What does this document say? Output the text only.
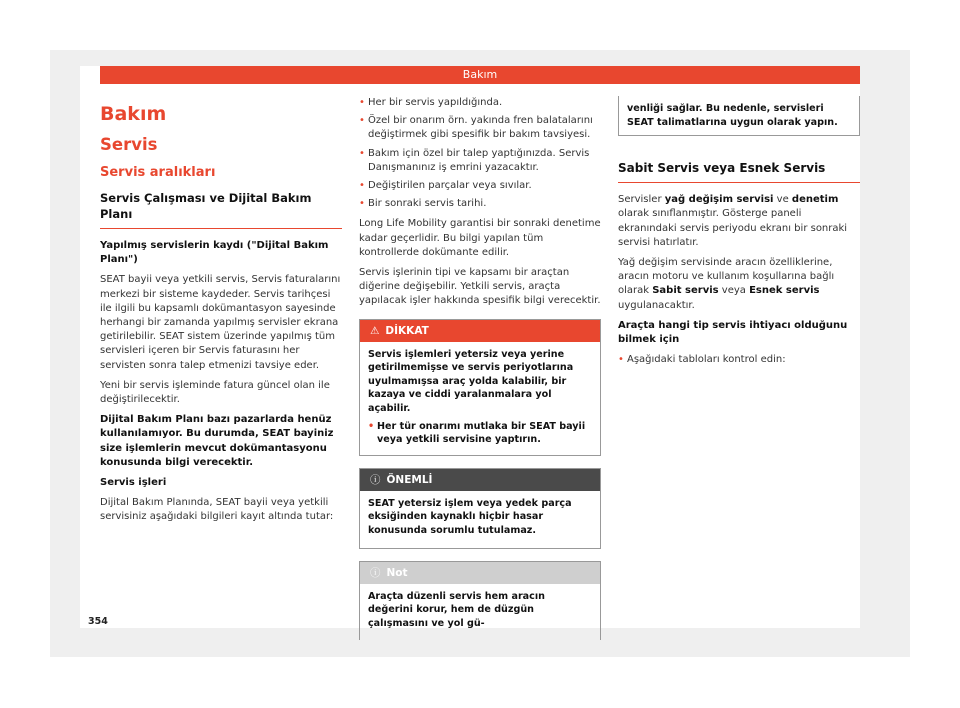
Bakım
Bakım
Servis
Servis aralıkları
Servis Çalışması ve Dijital Bakım Planı

Yapılmış servislerin kaydı ("Dijital Bakım Planı")

SEAT bayii veya yetkili servis, Servis faturalarını merkezi bir sisteme kaydeder. Servis tarihçesi ile ilgili bu kapsamlı dokümantasyon sayesinde herhangi bir zamanda yapılmış servisler ekrana getirilebilir. SEAT sistem üzerinde yapılmış tüm servisleri içeren bir Servis faturasını her servisten sonra talep etmenizi tavsiye eder.

Yeni bir servis işleminde fatura güncel olan ile değiştirilecektir.

Dijital Bakım Planı bazı pazarlarda henüz kullanılamıyor. Bu durumda, SEAT bayiniz size işlemlerin mevcut dokümantasyonu konusunda bilgi verecektir.

Servis işleri

Dijital Bakım Planında, SEAT bayii veya yetkili servisiniz aşağıdaki bilgileri kayıt altında tutar:

• Her bir servis yapıldığında.
• Özel bir onarım örn. yakında fren balatalarını değiştirmek gibi spesifik bir bakım tavsiyesi.
• Bakım için özel bir talep yaptığınızda. Servis Danışmanınız iş emrini yazacaktır.
• Değiştirilen parçalar veya sıvılar.
• Bir sonraki servis tarihi.

Long Life Mobility garantisi bir sonraki denetime kadar geçerlidir. Bu bilgi yapılan tüm kontrollerde dokümante edilir.

Servis işlerinin tipi ve kapsamı bir araçtan diğerine değişebilir. Yetkili servis, araçta yapılacak işler hakkında spesifik bilgi verecektir.

⚠ DİKKAT

Servis işlemleri yetersiz veya yerine getirilmemişse ve servis periyotlarına uyulmamışsa araç yolda kalabilir, bir kazaya ve ciddi yaralanmalara yol açabilir.

• Her tür onarımı mutlaka bir SEAT bayii veya yetkili servisine yaptırın.
ⓘ ÖNEMLİ

SEAT yetersiz işlem veya yedek parça eksiğinden kaynaklı hiçbir hasar konusunda sorumlu tutulamaz.

ⓘ Not

Araçta düzenli servis hem aracın değerini korur, hem de düzgün çalışmasını ve yol gü-

venliği sağlar. Bu nedenle, servisleri SEAT talimatlarına uygun olarak yapın.
Sabit Servis veya Esnek Servis

Servisler yağ değişim servisi ve denetim olarak sınıflanmıştır. Gösterge paneli ekranındaki servis periyodu ekranı bir sonraki servisi hatırlatır.

Yağ değişim servisinde aracın özelliklerine, aracın motoru ve kullanım koşullarına bağlı olarak Sabit servis veya Esnek servis uygulanacaktır.

Araçta hangi tip servis ihtiyacı olduğunu bilmek için

• Aşağıdaki tabloları kontrol edin:
354
